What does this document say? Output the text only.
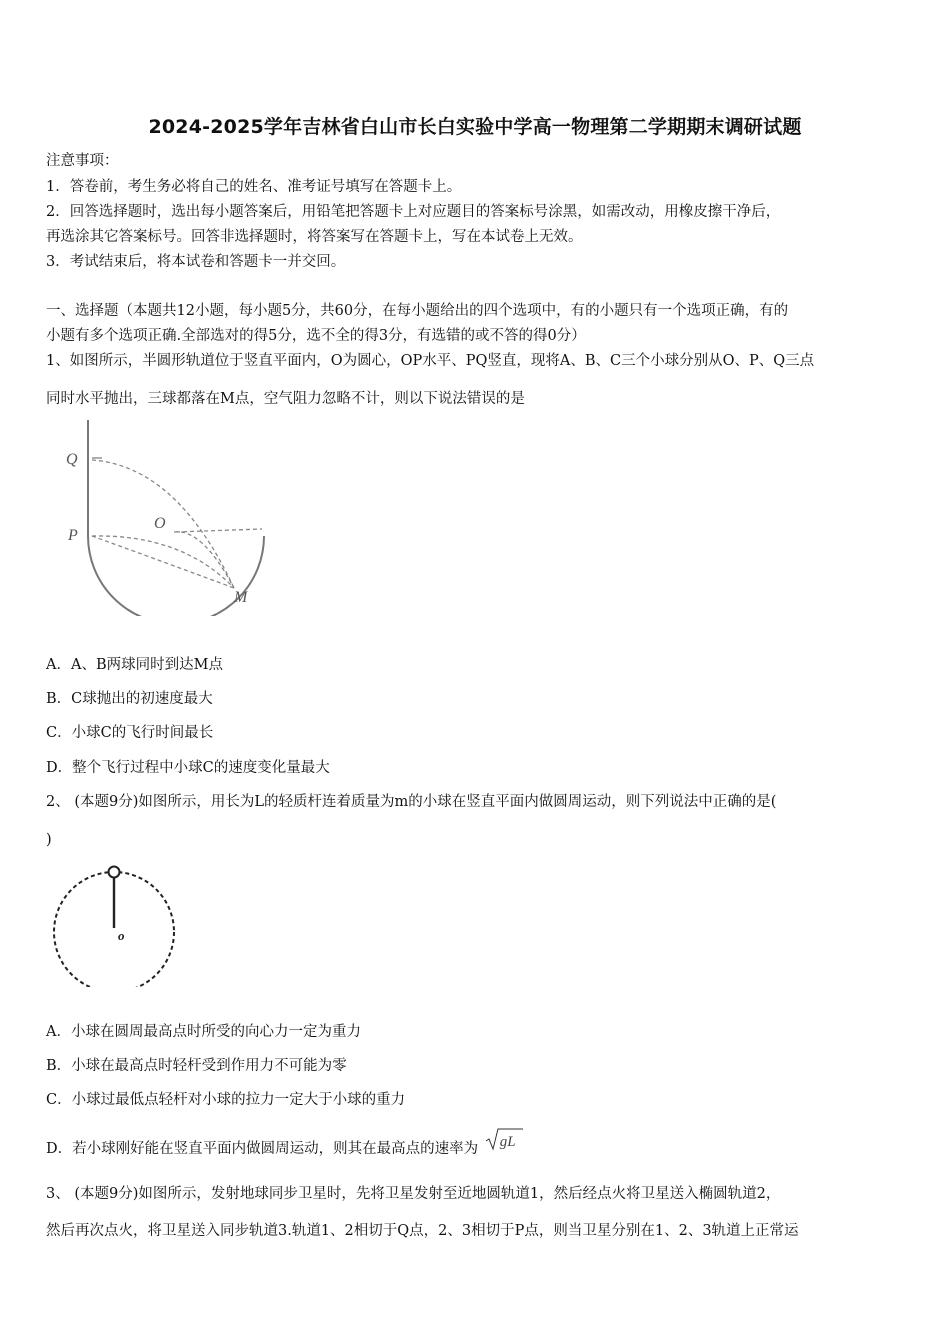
2024-2025学年吉林省白山市长白实验中学高一物理第二学期期末调研试题
注意事项：
1．答卷前，考生务必将自己的姓名、准考证号填写在答题卡上。
2．回答选择题时，选出每小题答案后，用铅笔把答题卡上对应题目的答案标号涂黑，如需改动，用橡皮擦干净后，
再选涂其它答案标号。回答非选择题时，将答案写在答题卡上，写在本试卷上无效。
3．考试结束后，将本试卷和答题卡一并交回。
一、选择题（本题共12小题，每小题5分，共60分，在每小题给出的四个选项中，有的小题只有一个选项正确，有的
小题有多个选项正确.全部选对的得5分，选不全的得3分，有选错的或不答的得0分）
1、如图所示，半圆形轨道位于竖直平面内，O为圆心，OP水平、PQ竖直，现将A、B、C三个小球分别从O、P、Q三点
同时水平抛出，三球都落在M点，空气阻力忽略不计，则以下说法错误的是
Q
P
O
M
A．A、B两球同时到达M点
B．C球抛出的初速度最大
C．小球C的飞行时间最长
D．整个飞行过程中小球C的速度变化量最大
2、 (本题9分)如图所示，用长为L的轻质杆连着质量为m的小球在竖直平面内做圆周运动，则下列说法中正确的是(
)
o
A．小球在圆周最高点时所受的向心力一定为重力
B．小球在最高点时轻杆受到作用力不可能为零
C．小球过最低点轻杆对小球的拉力一定大于小球的重力
D．若小球刚好能在竖直平面内做圆周运动，则其在最高点的速率为 gL
3、 (本题9分)如图所示，发射地球同步卫星时，先将卫星发射至近地圆轨道1，然后经点火将卫星送入椭圆轨道2，
然后再次点火，将卫星送入同步轨道3.轨道1、2相切于Q点，2、3相切于P点，则当卫星分别在1、2、3轨道上正常运
